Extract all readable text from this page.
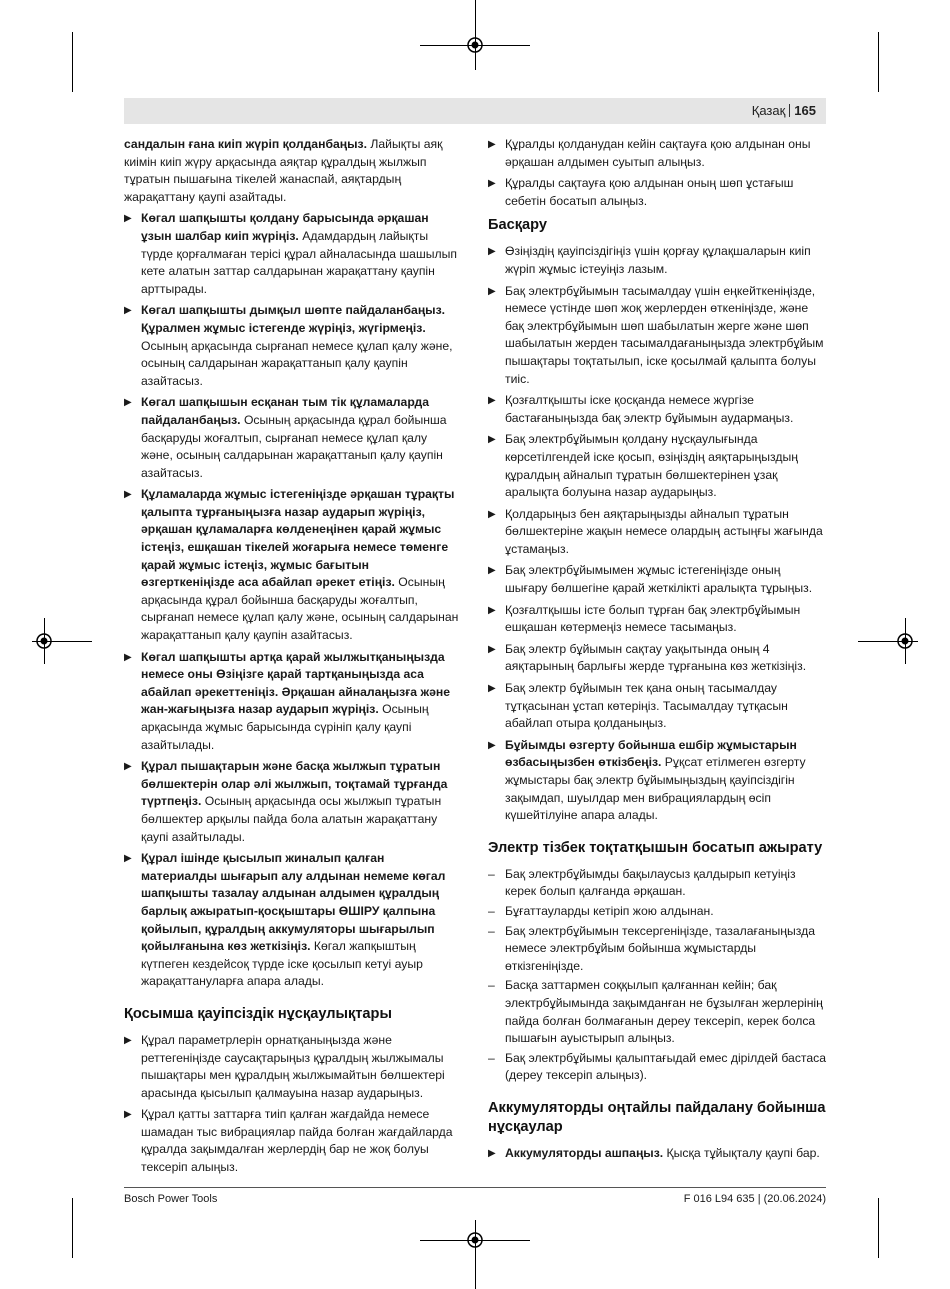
Қазақ 165

сандалын ғана киіп жүріп қолданбаңыз. Лайықты аяқ киімін киіп жүру арқасында аяқтар құралдың жылжып тұратын пышағына тікелей жанаспай, аяқтардың жарақаттану қаупі азайтады.

▶ Көгал шапқышты қолдану барысында әрқашан ұзын шалбар киіп жүріңіз. Адамдардың лайықты түрде қорғалмаған терісі құрал айналасында шашылып кете алатын заттар салдарынан жарақаттану қаупін арттырады.

▶ Көгал шапқышты дымқыл шөпте пайдаланбаңыз. Құралмен жұмыс істегенде жүріңіз, жүгірмеңіз. Осының арқасында сырғанап немесе құлап қалу және, осының салдарынан жарақаттанып қалу қаупін азайтасыз.

▶ Көгал шапқышын есқанан тым тік құламаларда пайдаланбаңыз. Осының арқасында құрал бойынша басқаруды жоғалтып, сырғанап немесе құлап қалу және, осының салдарынан жарақаттанып қалу қаупін азайтасыз.

▶ Құламаларда жұмыс істегеніңізде әрқашан тұрақты қалыпта тұрғаныңызға назар аударып жүріңіз, әрқашан құламаларға көлденеңінен қарай жұмыс істеңіз, ешқашан тікелей жоғарыға немесе төменге қарай жұмыс істеңіз, жұмыс бағытын өзгерткеніңізде аса абайлап әрекет етіңіз. Осының арқасында құрал бойынша басқаруды жоғалтып, сырғанап немесе құлап қалу және, осының салдарынан жарақаттанып қалу қаупін азайтасыз.

▶ Көгал шапқышты артқа қарай жылжытқаныңызда немесе оны Өзіңізге қарай тартқаныңызда аса абайлап әрекеттеніңіз. Әрқашан айналаңызға және жан-жағыңызға назар аударып жүріңіз. Осының арқасында жұмыс барысында сүрініп қалу қаупі азайтылады.

▶ Құрал пышақтарын және басқа жылжып тұратын бөлшектерін олар әлі жылжып, тоқтамай тұрғанда түртпеңіз. Осының арқасында осы жылжып тұратын бөлшектер арқылы пайда бола алатын жарақаттану қаупі азайтылады.

▶ Құрал ішінде қысылып жиналып қалған материалды шығарып алу алдынан немеме көгал шапқышты тазалау алдынан алдымен құралдың барлық ажыратып-қосқыштары ӨШІРУ қалпына қойылып, құралдың аккумуляторы шығарылып қойылғанына көз жеткізіңіз. Көгал жапқыштың күтпеген кездейсоқ түрде іске қосылып кетуі ауыр жарақаттануларға апара алады.

Қосымша қауіпсіздік нұсқаулықтары

▶ Құрал параметрлерін орнатқаныңызда және реттегеніңізде саусақтарыңыз құралдың жылжымалы пышақтары мен құралдың жылжымайтын бөлшектері арасында қысылып қалмауына назар аударыңыз.

▶ Құрал қатты заттарға тиіп қалған жағдайда немесе шамадан тыс вибрациялар пайда болған жағдайларда құралда зақымдалған жерлердің бар не жоқ болуы тексеріп алыңыз.

▶ Құралды қолданудан кейін сақтауға қою алдынан оны әрқашан алдымен суытып алыңыз.

▶ Құралды сақтауға қою алдынан оның шөп ұстағыш себетін босатып алыңыз.

Басқару

▶ Өзіңіздің қауіпсіздігіңіз үшін қорғау құлақшаларын киіп жүріп жұмыс істеуіңіз лазым.

▶ Бақ электрбұйымын тасымалдау үшін еңкейткеніңізде, немесе үстінде шөп жоқ жерлерден өткеніңізде, және бақ электрбұйымын шөп шабылатын жерге және шөп шабылатын жерден тасымалдағаныңызда электрбұйым пышақтары тоқтатылып, іске қосылмай қалыпта болуы тиіс.

▶ Қозғалтқышты іске қосқанда немесе жүргізе бастағаныңызда бақ электр бұйымын аудармаңыз.

▶ Бақ электрбұйымын қолдану нұсқаулығында көрсетілгендей іске қосып, өзіңіздің аяқтарыңыздың құралдың айналып тұратын бөлшектерінен ұзақ аралықта болуына назар аударыңыз.

▶ Қолдарыңыз бен аяқтарыңызды айналып тұратын бөлшектеріне жақын немесе олардың астыңғы жағында ұстамаңыз.

▶ Бақ электрбұйымымен жұмыс істегеніңізде оның шығару бөлшегіне қарай жеткілікті аралықта тұрыңыз.

▶ Қозғалтқышы істе болып тұрған бақ электрбұйымын ешқашан көтермеңіз немесе тасымаңыз.

▶ Бақ электр бұйымын сақтау уақытында оның 4 аяқтарының барлығы жерде тұрғанына көз жеткізіңіз.

▶ Бақ электр бұйымын тек қана оның тасымалдау тұтқасынан ұстап көтеріңіз. Тасымалдау тұтқасын абайлап отыра қолданыңыз.

▶ Бұйымды өзгерту бойынша ешбір жұмыстарын өзбасыңызбен өткізбеңіз. Рұқсат етілмеген өзгерту жұмыстары бақ электр бұйымыңыздың қауіпсіздігін зақымдап, шуылдар мен вибрациялардың өсіп күшейтілуіне апара алады.

Электр тізбек тоқтатқышын босатып ажырату

– Бақ электрбұйымды бақылаусыз қалдырып кетуіңіз керек болып қалғанда әрқашан.

– Бұғаттауларды кетіріп жою алдынан.

– Бақ электрбұйымын тексергеніңізде, тазалағаныңызда немесе электрбұйым бойынша жұмыстарды өткізгеніңізде.

– Басқа заттармен соққылып қалғаннан кейін; бақ электрбұйымында зақымданған не бұзылған жерлерінің пайда болған болмағанын дереу тексеріп, керек болса пышағын ауыстырып алыңыз.

– Бақ электрбұйымы қалыптағыдай емес дірілдей бастаса (дереу тексеріп алыңыз).

Аккумуляторды оңтайлы пайдалану бойынша нұсқаулар

▶ Аккумуляторды ашпаңыз. Қысқа тұйықталу қаупі бар.

Bosch Power Tools	F 016 L94 635 | (20.06.2024)
